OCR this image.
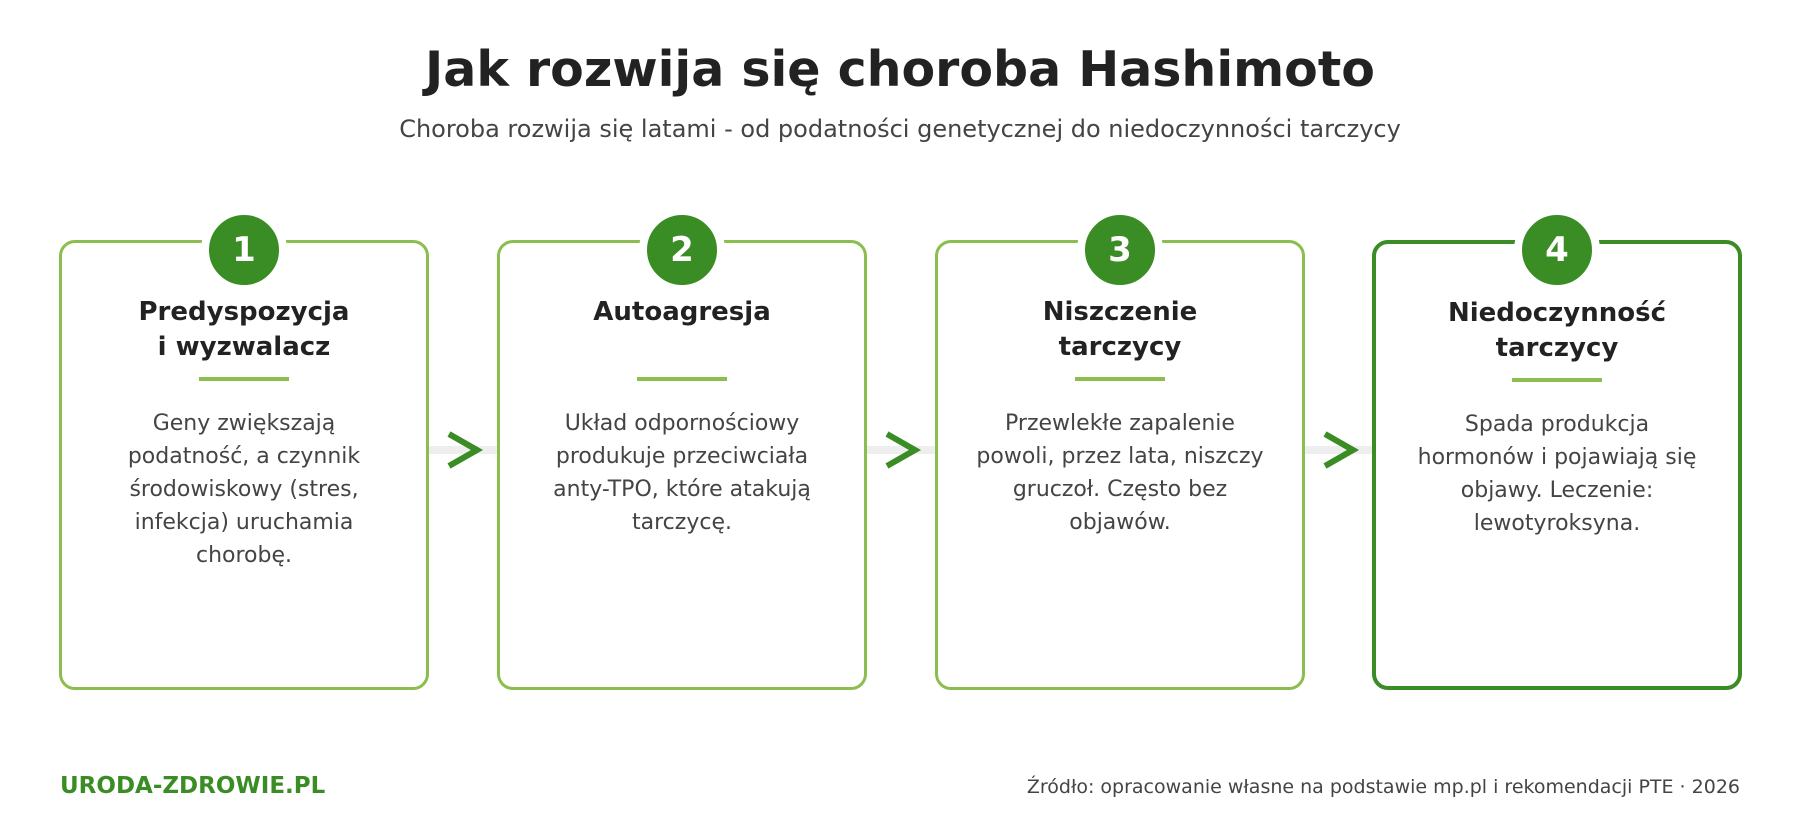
Jak rozwija się choroba Hashimoto
Choroba rozwija się latami - od podatności genetycznej do niedoczynności tarczycy
1
Predyspozycja
i wyzwalacz
Geny zwiększają podatność, a czynnik środowiskowy (stres, infekcja) uruchamia chorobę.
2
Autoagresja
Układ odpornościowy produkuje przeciwciała anty-TPO, które atakują tarczycę.
3
Niszczenie
tarczycy
Przewlekłe zapalenie powoli, przez lata, niszczy gruczoł. Często bez objawów.
4
Niedoczynność
tarczycy
Spada produkcja hormonów i pojawiają się objawy. Leczenie: lewotyroksyna.
URODA-ZDROWIE.PL	Źródło: opracowanie własne na podstawie mp.pl i rekomendacji PTE · 2026
